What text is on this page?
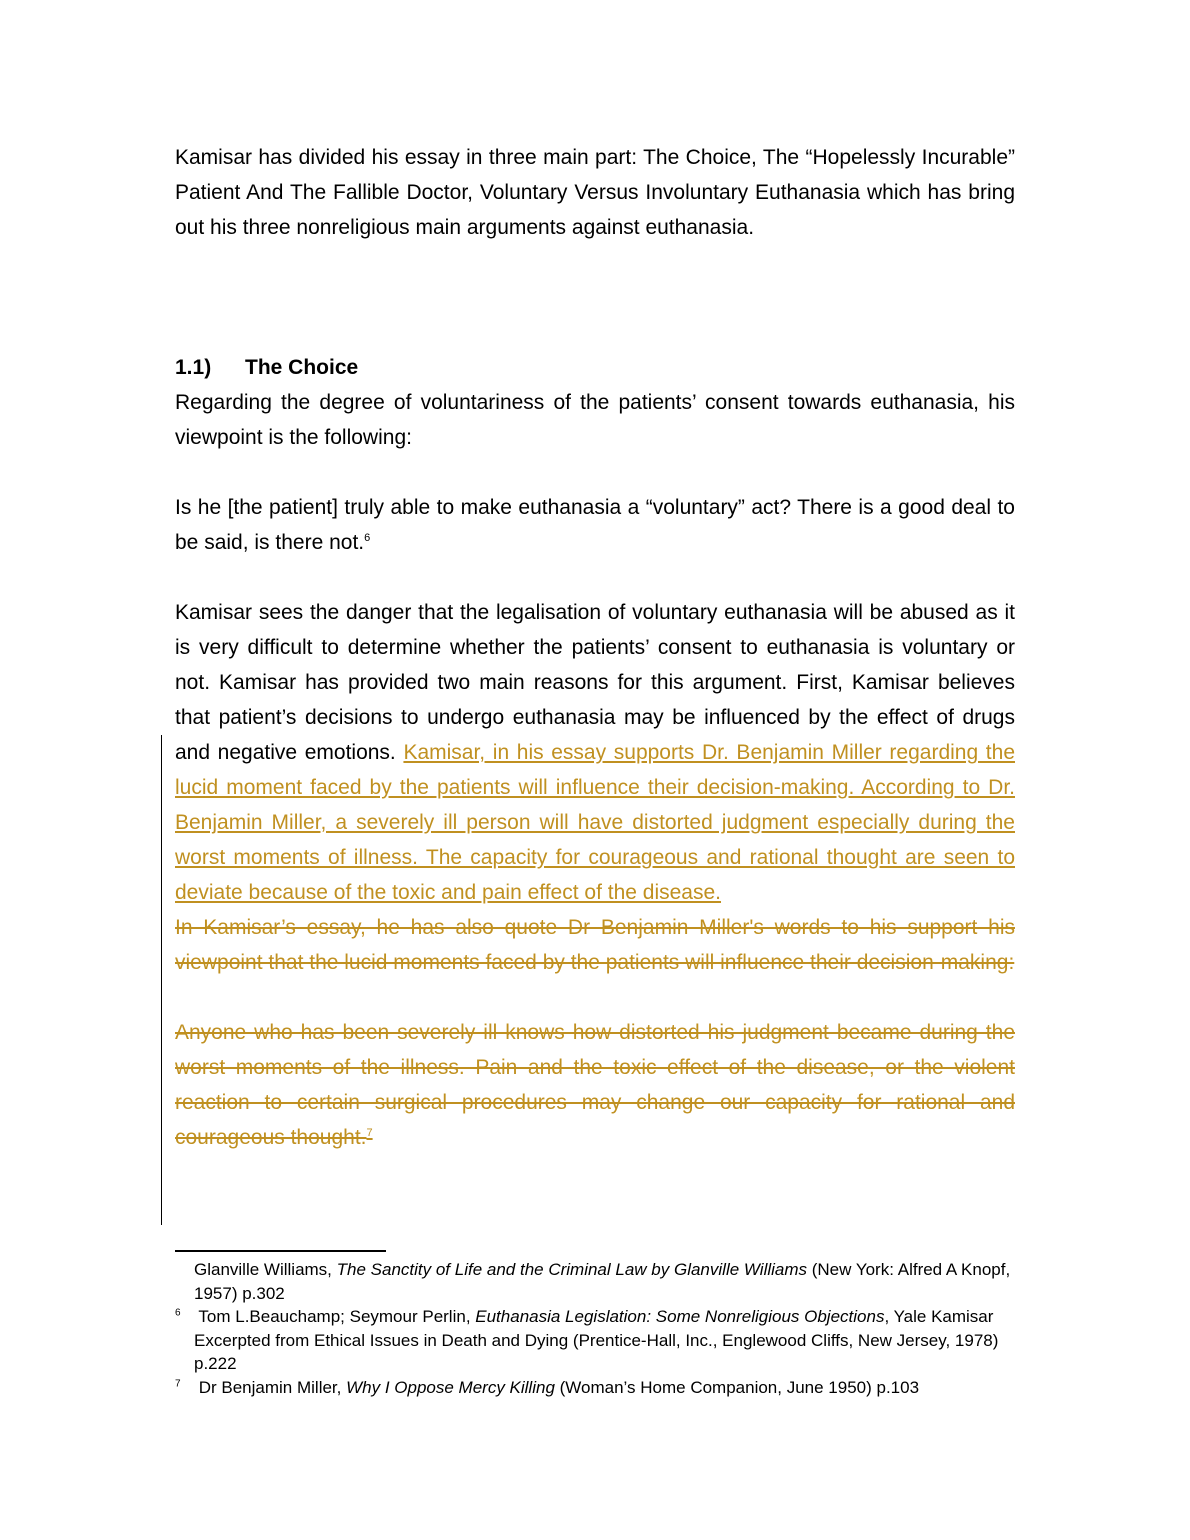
Kamisar has divided his essay in three main part: The Choice, The “Hopelessly Incurable” Patient And The Fallible Doctor, Voluntary Versus Involuntary Euthanasia which has bring out his three nonreligious main arguments against euthanasia.

1.1) The Choice

Regarding the degree of voluntariness of the patients’ consent towards euthanasia, his viewpoint is the following:

Is he [the patient] truly able to make euthanasia a “voluntary” act? There is a good deal to be said, is there not.$^6$

Kamisar sees the danger that the legalisation of voluntary euthanasia will be abused as it is very difficult to determine whether the patients’ consent to euthanasia is voluntary or not. Kamisar has provided two main reasons for this argument. First, Kamisar believes that patient’s decisions to undergo euthanasia may be influenced by the effect of drugs and negative emotions. Kamisar, in his essay supports Dr. Benjamin Miller regarding the lucid moment faced by the patients will influence their decision-making. According to Dr. Benjamin Miller, a severely ill person will have distorted judgment especially during the worst moments of illness. The capacity for courageous and rational thought are seen to deviate because of the toxic and pain effect of the disease.

In Kamisar’s essay, he has also quote Dr Benjamin Miller's words to his support his viewpoint that the lucid moments faced by the patients will influence their decision-making:

Anyone who has been severely ill knows how distorted his judgment became during the worst moments of the illness. Pain and the toxic effect of the disease, or the violent reaction to certain surgical procedures may change our capacity for rational and courageous thought.$^7$

Glanville Williams, The Sanctity of Life and the Criminal Law by Glanville Williams (New York: Alfred A Knopf, 1957) p.302

$^6$ Tom L.Beauchamp; Seymour Perlin, Euthanasia Legislation: Some Nonreligious Objections, Yale Kamisar Excerpted from Ethical Issues in Death and Dying (Prentice-Hall, Inc., Englewood Cliffs, New Jersey, 1978) p.222

$^7$ Dr Benjamin Miller, Why I Oppose Mercy Killing (Woman’s Home Companion, June 1950) p.103
